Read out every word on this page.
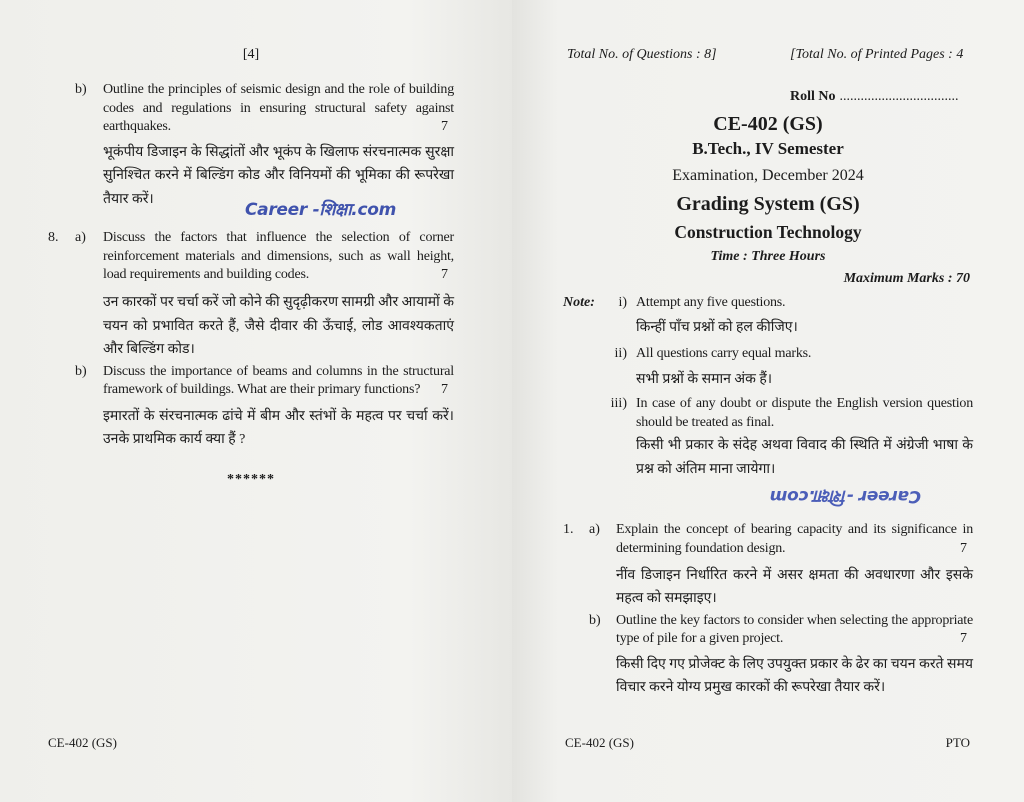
[4]
b)	Outline the principles of seismic design and the role of building codes and regulations in ensuring structural safety against earthquakes.	7
भूकंपीय डिजाइन के सिद्धांतों और भूकंप के खिलाफ संरचनात्मक सुरक्षा सुनिश्चित करने में बिल्डिंग कोड और विनियमों की भूमिका की रूपरेखा तैयार करें।
8.	a)	Discuss the factors that influence the selection of corner reinforcement materials and dimensions, such as wall height, load requirements and building codes.	7
उन कारकों पर चर्चा करें जो कोने की सुदृढ़ीकरण सामग्री और आयामों के चयन को प्रभावित करते हैं, जैसे दीवार की ऊँचाई, लोड आवश्यकताएं और बिल्डिंग कोड।
b)	Discuss the importance of beams and columns in the structural framework of buildings. What are their primary functions?	7
इमारतों के संरचनात्मक ढांचे में बीम और स्तंभों के महत्व पर चर्चा करें। उनके प्राथमिक कार्य क्या हैं ?
******
Career -शिक्षा.com
CE-402 (GS)
Total No. of Questions : 8]	[Total No. of Printed Pages : 4
Roll No ..................................
CE-402 (GS)
B.Tech., IV Semester
Examination, December 2024
Grading System (GS)
Construction Technology
Time : Three Hours
Maximum Marks : 70
Note:	i) Attempt any five questions.
किन्हीं पाँच प्रश्नों को हल कीजिए।
ii) All questions carry equal marks.
सभी प्रश्नों के समान अंक हैं।
iii) In case of any doubt or dispute the English version question should be treated as final.
किसी भी प्रकार के संदेह अथवा विवाद की स्थिति में अंग्रेजी भाषा के प्रश्न को अंतिम माना जायेगा।
1.	a)	Explain the concept of bearing capacity and its significance in determining foundation design.	7
नींव डिजाइन निर्धारित करने में असर क्षमता की अवधारणा और इसके महत्व को समझाइए।
b)	Outline the key factors to consider when selecting the appropriate type of pile for a given project.	7
किसी दिए गए प्रोजेक्ट के लिए उपयुक्त प्रकार के ढेर का चयन करते समय विचार करने योग्य प्रमुख कारकों की रूपरेखा तैयार करें।
Career -शिक्षा.com
CE-402 (GS)	PTO
